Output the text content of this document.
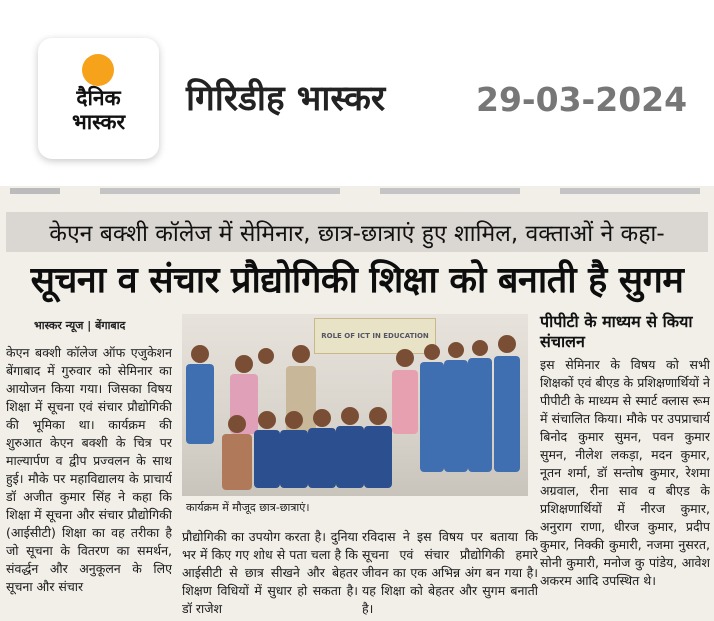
दैनिक
भास्कर
गिरिडीह भास्कर	29-03-2024
केएन बक्शी कॉलेज में सेमिनार, छात्र-छात्राएं हुए शामिल, वक्ताओं ने कहा-
सूचना व संचार प्रौद्योगिकी शिक्षा को बनाती है सुगम
भास्कर न्यूज | बेंगाबाद
केएन बक्शी कॉलेज ऑफ एजुकेशन बेंगाबाद में गुरुवार को सेमिनार का आयोजन किया गया। जिसका विषय शिक्षा में सूचना एवं संचार प्रौद्योगिकी की भूमिका था। कार्यक्रम की शुरुआत केएन बक्शी के चित्र पर माल्यार्पण व द्वीप प्रज्वलन के साथ हुई। मौके पर महाविद्यालय के प्राचार्य डॉ अजीत कुमार सिंह ने कहा कि शिक्षा में सूचना और संचार प्रौद्योगिकी (आईसीटी) शिक्षा का वह तरीका है जो सूचना के वितरण का समर्थन, संवर्द्धन और अनुकूलन के लिए सूचना और संचार
ROLE OF ICT IN EDUCATION
कार्यक्रम में मौजूद छात्र-छात्राएं।
प्रौद्योगिकी का उपयोग करता है। दुनिया भर में किए गए शोध से पता चला है कि आईसीटी से छात्र सीखने और बेहतर शिक्षण विधियों में सुधार हो सकता है। डॉ राजेश
रविदास ने इस विषय पर बताया कि सूचना एवं संचार प्रौद्योगिकी हमारे जीवन का एक अभिन्न अंग बन गया है। यह शिक्षा को बेहतर और सुगम बनाती है।
पीपीटी के माध्यम से किया संचालन
इस सेमिनार के विषय को सभी शिक्षकों एवं बीएड के प्रशिक्षणार्थियों ने पीपीटी के माध्यम से स्मार्ट क्लास रूम में संचालित किया। मौके पर उपप्राचार्य बिनोद कुमार सुमन, पवन कुमार सुमन, नीलेश लकड़ा, मदन कुमार, नूतन शर्मा, डॉ सन्तोष कुमार, रेशमा अग्रवाल, रीना साव व बीएड के प्रशिक्षणार्थियों में नीरज कुमार, अनुराग राणा, धीरज कुमार, प्रदीप कुमार, निक्की कुमारी, नजमा नुसरत, सोनी कुमारी, मनोज कु पांडेय, आवेश अकरम आदि उपस्थित थे।
